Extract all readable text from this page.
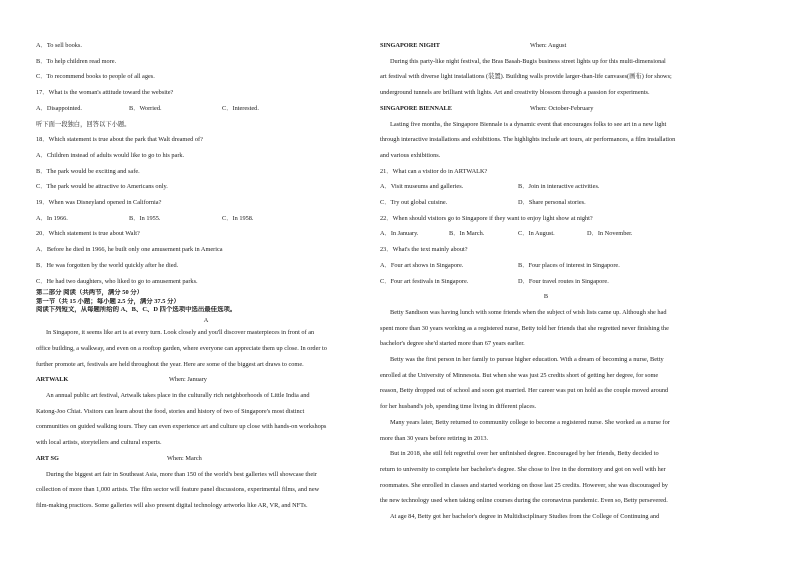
A．To sell books.
B．To help children read more.
C．To recommend books to people of all ages.
17．What is the woman's attitude toward the website?
A．Disappointed.	B．Worried.	C．Interested.
听下面一段独白，回答以下小题。
18．Which statement is true about the park that Walt dreamed of?
A．Children instead of adults would like to go to his park.
B．The park would be exciting and safe.
C．The park would be attractive to Americans only.
19．When was Disneyland opened in California?
A．In 1966.	B．In 1955.	C．In 1958.
20．Which statement is true about Walt?
A．Before he died in 1966, he built only one amusement park in America
B．He was forgotten by the world quickly after he died.
C．He had two daughters, who liked to go to amusement parks.
第二部分 阅读（共两节，满分 50 分）
第一节（共 15 小题；每小题 2.5 分，满分 37.5 分）
阅读下列短文，从每题所给的 A、B、C、D 四个选项中选出最佳选项。
A
In Singapore, it seems like art is at every turn. Look closely and you'll discover masterpieces in front of an
office building, a walkway, and even on a rooftop garden, where everyone can appreciate them up close. In order to
further promote art, festivals are held throughout the year. Here are some of the biggest art draws to come.
ARTWALK	When: January
An annual public art festival, Artwalk takes place in the culturally rich neighborhoods of Little India and
Katong-Joo Chiat. Visitors can learn about the food, stories and history of two of Singapore's most distinct
communities on guided walking tours. They can even experience art and culture up close with hands-on workshops
with local artists, storytellers and cultural experts.
ART SG	When: March
During the biggest art fair in Southeast Asia, more than 150 of the world's best galleries will showcase their
collection of more than 1,000 artists. The film sector will feature panel discussions, experimental films, and new
film-making practices. Some galleries will also present digital technology artworks like AR, VR, and NFTs.
SINGAPORE NIGHT	When: August
During this party-like night festival, the Bras Basah-Bugis business street lights up for this multi-dimensional
art festival with diverse light installations (装置). Building walls provide larger-than-life canvases(画布) for shows;
underground tunnels are brilliant with lights. Art and creativity blossom through a passion for experiments.
SINGAPORE BIENNALE	When: October-February
Lasting five months, the Singapore Biennale is a dynamic event that encourages folks to see art in a new light
through interactive installations and exhibitions. The highlights include art tours, air performances, a film installation
and various exhibitions.
21．What can a visitor do in ARTWALK?
A．Visit museums and galleries.	B．Join in interactive activities.
C．Try out global cuisine.	D．Share personal stories.
22．When should visitors go to Singapore if they want to enjoy light show at night?
A．In January.	B．In March.	C．In August.	D．In November.
23．What's the text mainly about?
A．Four art shows in Singapore.	B．Four places of interest in Singapore.
C．Four art festivals in Singapore.	D．Four travel routes in Singapore.
B
Betty Sandison was having lunch with some friends when the subject of wish lists came up. Although she had
spent more than 30 years working as a registered nurse, Betty told her friends that she regretted never finishing the
bachelor's degree she'd started more than 67 years earlier.
Betty was the first person in her family to pursue higher education. With a dream of becoming a nurse, Betty
enrolled at the University of Minnesota. But when she was just 25 credits short of getting her degree, for some
reason, Betty dropped out of school and soon got married. Her career was put on hold as the couple moved around
for her husband's job, spending time living in different places.
Many years later, Betty returned to community college to become a registered nurse. She worked as a nurse for
more than 30 years before retiring in 2013.
But in 2018, she still felt regretful over her unfinished degree. Encouraged by her friends, Betty decided to
return to university to complete her bachelor's degree. She chose to live in the dormitory and got on well with her
roommates. She enrolled in classes and started working on those last 25 credits. However, she was discouraged by
the new technology used when taking online courses during the coronavirus pandemic. Even so, Betty persevered.
At age 84, Betty got her bachelor's degree in Multidisciplinary Studies from the College of Continuing and
